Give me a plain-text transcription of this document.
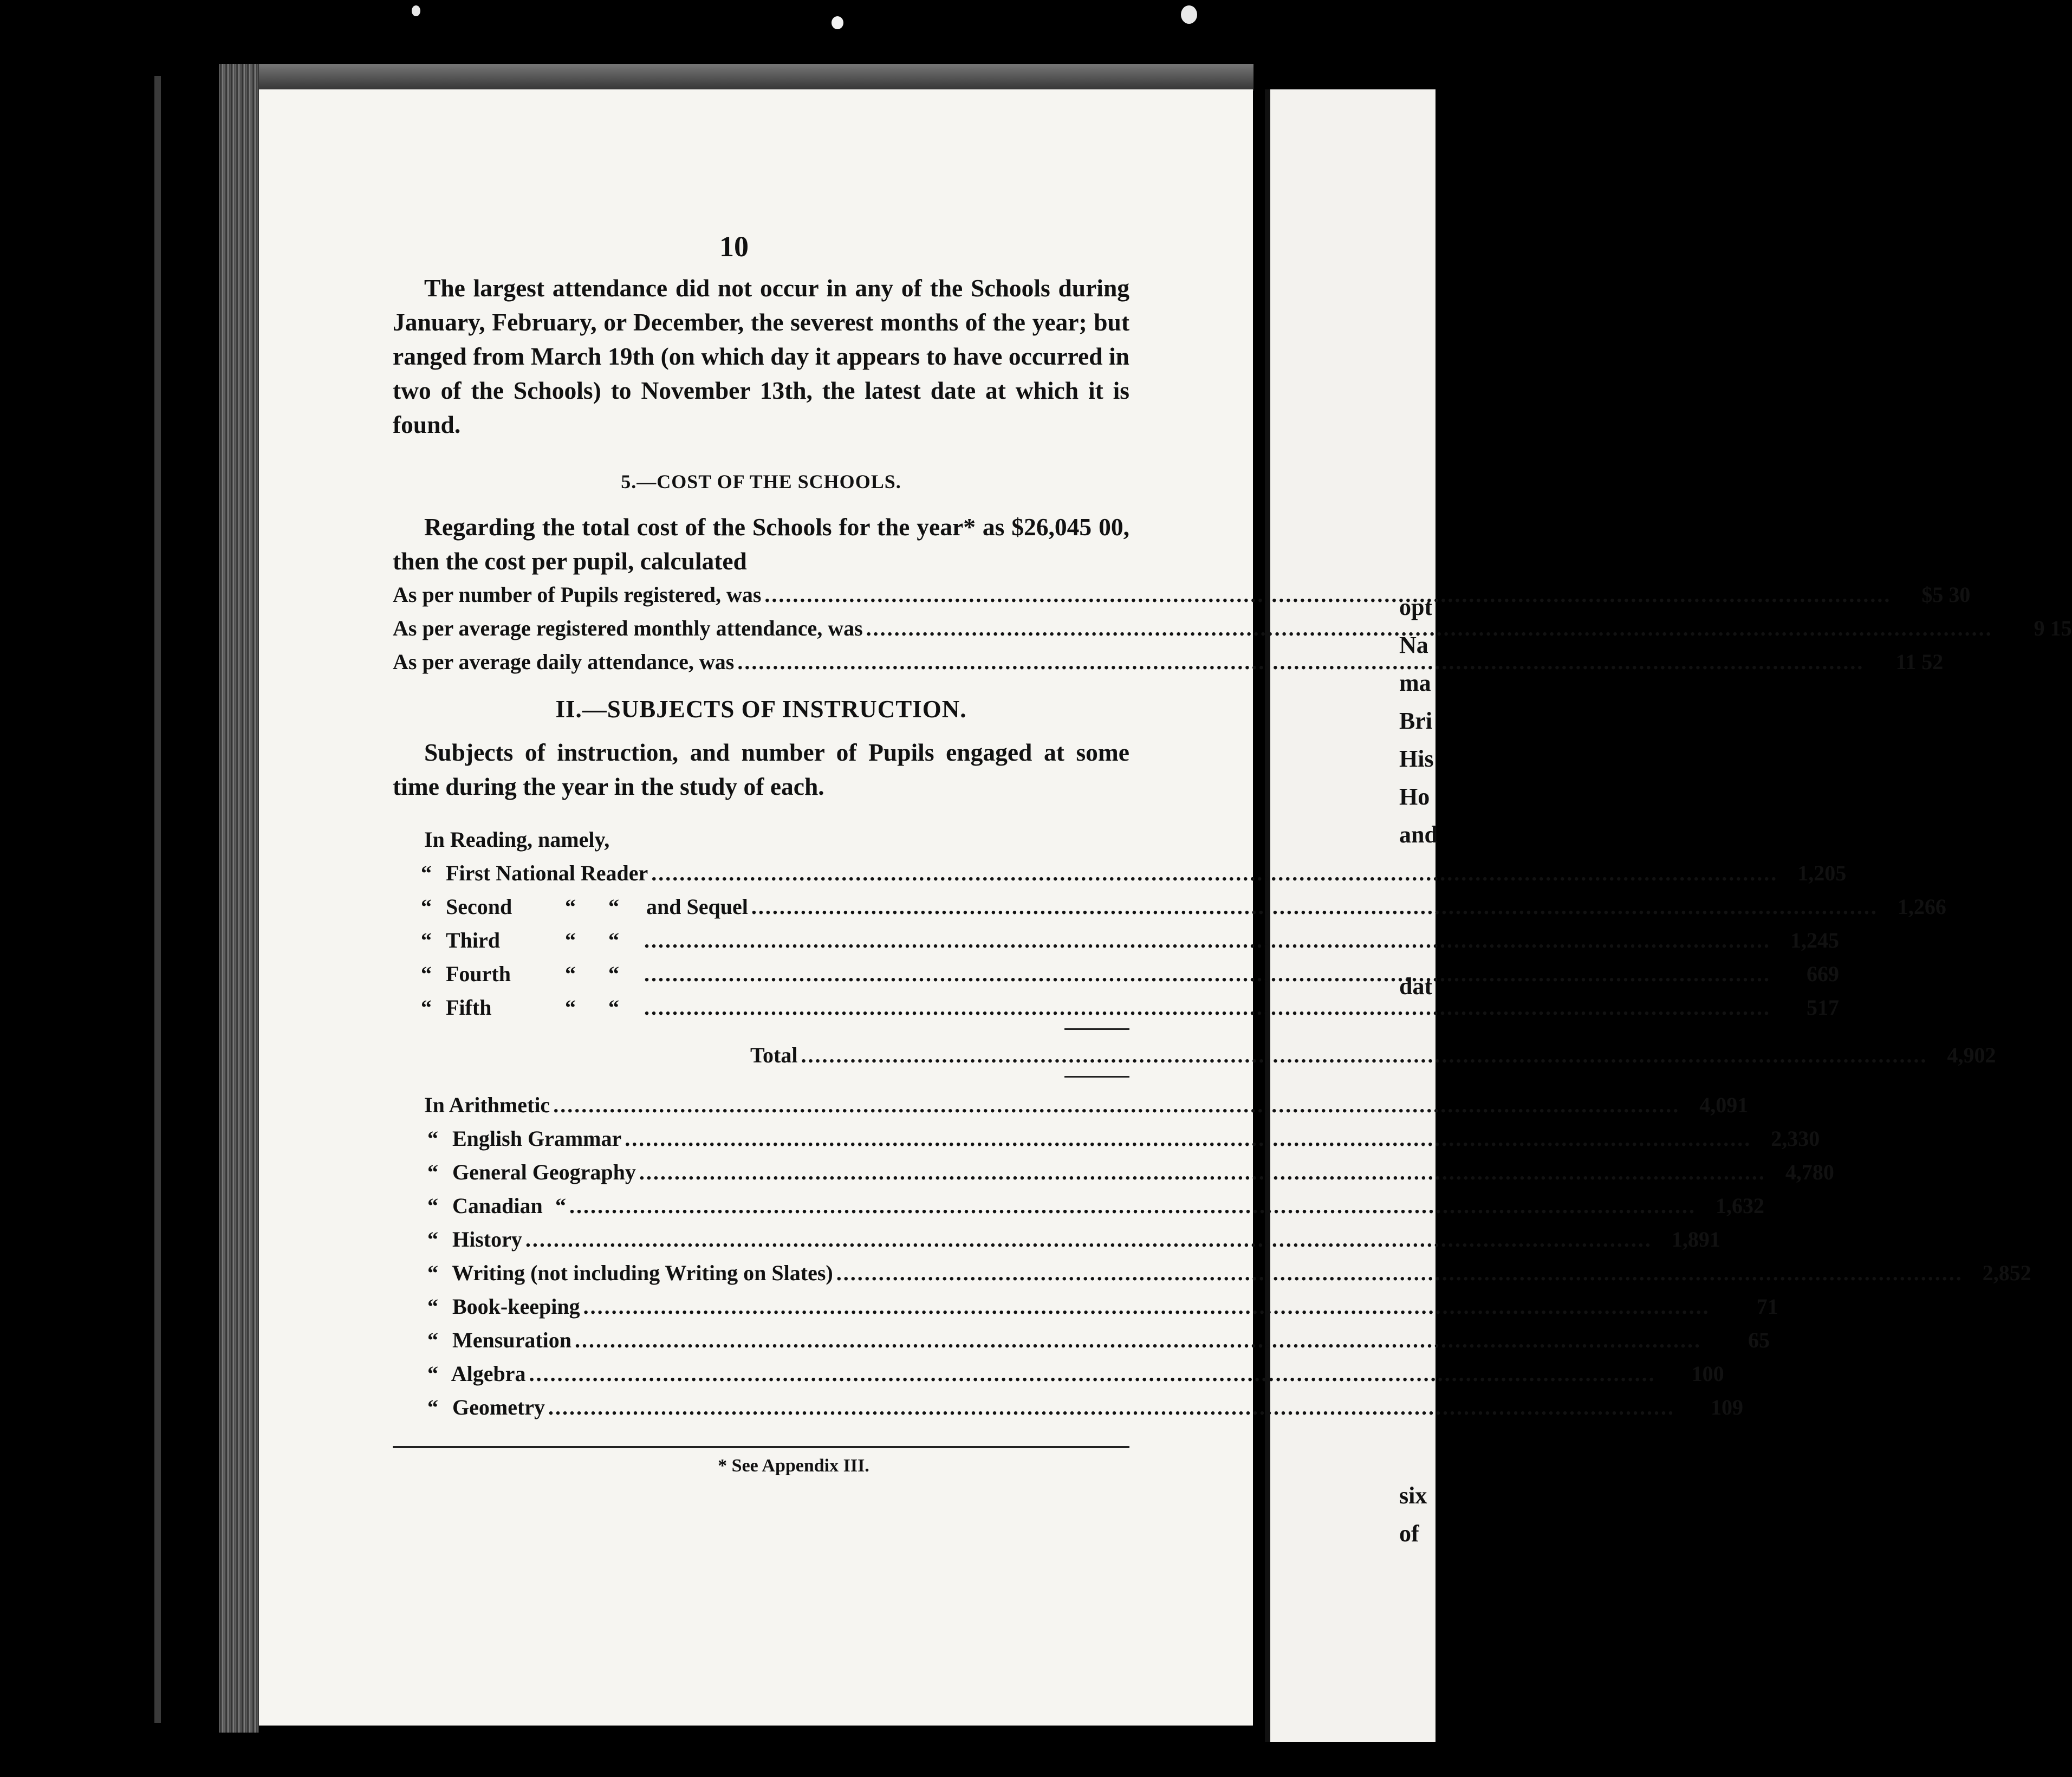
opt
Na
ma
Bri
His
Ho
and
dat
six
of
10

The largest attendance did not occur in any of the Schools during January, February, or December, the severest months of the year; but ranged from March 19th (on which day it appears to have occurred in two of the Schools) to November 13th, the latest date at which it is found.

5.—COST OF THE SCHOOLS.

Regarding the total cost of the Schools for the year* as $26,045 00, then the cost per pupil, calculated

As per number of Pupils registered, was .....	$5 30
As per average registered monthly attendance, was .....	9 15
As per average daily attendance, was .....	11 52
II.—SUBJECTS OF INSTRUCTION.

Subjects of instruction, and number of Pupils engaged at some time during the year in the study of each.

In Reading, namely,
“ First National Reader .....	1,205
“ Second “      “ and Sequel .....	1,266
“ Third	“      “ .....	1,245
“ Fourth	“      “ .....	669
“ Fifth	“      “ .....	517
Total .....	4,902
In Arithmetic .....	4,091
“ English Grammar .....	2,330
“ General Geography .....	4,780
“ Canadian “ .....	1,632
“ History .....	1,891
“ Writing (not including Writing on Slates) .....	2,852
“ Book-keeping .....	71
“ Mensuration .....	65
“ Algebra .....	100
“ Geometry .....	109
* See Appendix III.
